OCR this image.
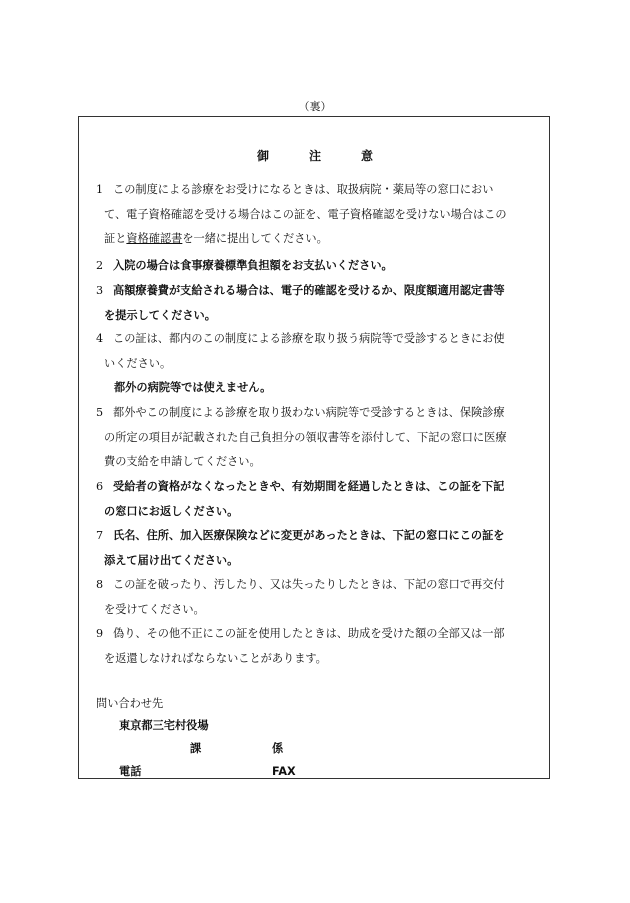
（裏）
御　注　意
1 この制度による診療をお受けになるときは、取扱病院・薬局等の窓口におい
て、電子資格確認を受ける場合はこの証を、電子資格確認を受けない場合はこの
証と資格確認書を一緒に提出してください。
2 入院の場合は食事療養標準負担額をお支払いください。
3 高額療養費が支給される場合は、電子的確認を受けるか、限度額適用認定書等
を提示してください。
4 この証は、都内のこの制度による診療を取り扱う病院等で受診するときにお使
いください。
都外の病院等では使えません。
5 都外やこの制度による診療を取り扱わない病院等で受診するときは、保険診療
の所定の項目が記載された自己負担分の領収書等を添付して、下記の窓口に医療
費の支給を申請してください。
6 受給者の資格がなくなったときや、有効期間を経過したときは、この証を下記
の窓口にお返しください。
7 氏名、住所、加入医療保険などに変更があったときは、下記の窓口にこの証を
添えて届け出てください。
8 この証を破ったり、汚したり、又は失ったりしたときは、下記の窓口で再交付
を受けてください。
9 偽り、その他不正にこの証を使用したときは、助成を受けた額の全部又は一部
を返還しなければならないことがあります。
問い合わせ先
東京都三宅村役場
課	係
電話	FAX
